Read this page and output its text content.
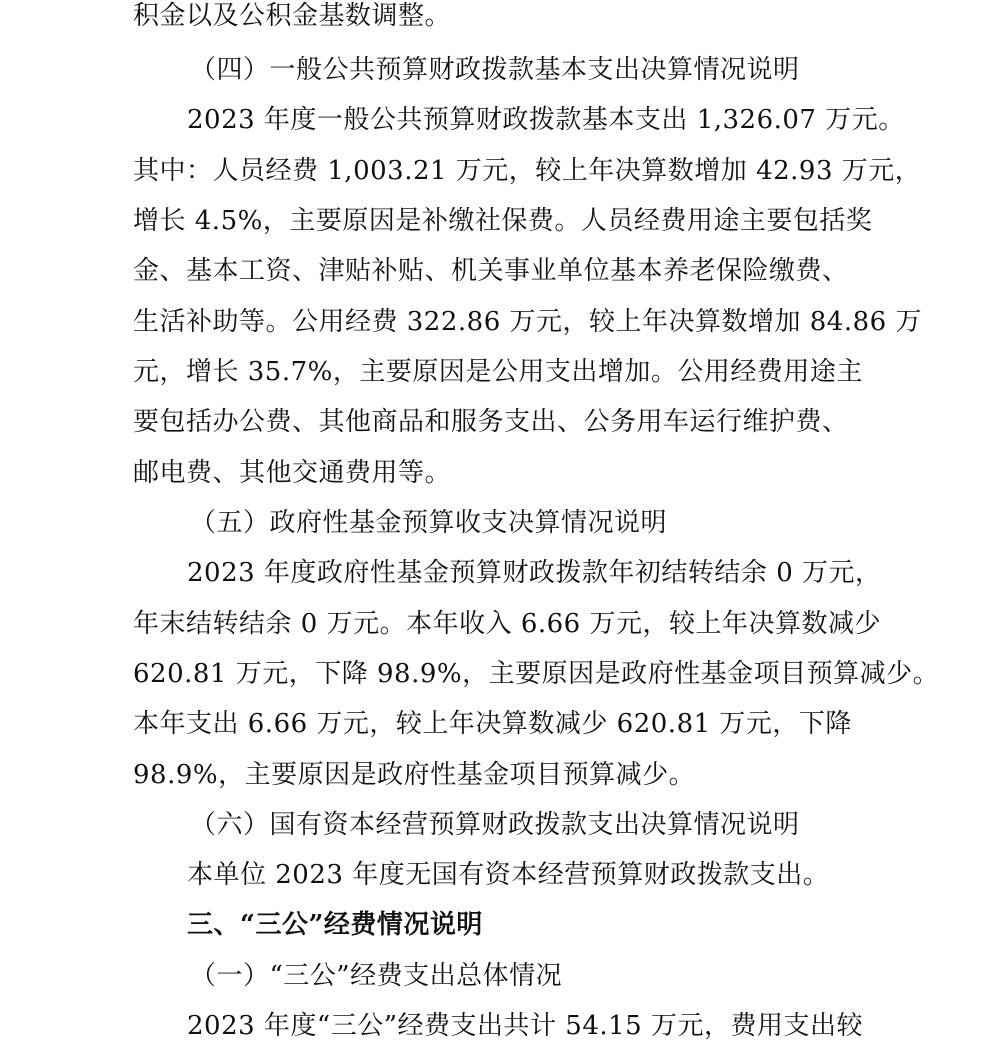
积金以及公积金基数调整。
（四）一般公共预算财政拨款基本支出决算情况说明
2023 年度一般公共预算财政拨款基本支出 1,326.07 万元。
其中：人员经费 1,003.21 万元，较上年决算数增加 42.93 万元，
增长 4.5%，主要原因是补缴社保费。人员经费用途主要包括奖
金、基本工资、津贴补贴、机关事业单位基本养老保险缴费、
生活补助等。公用经费 322.86 万元，较上年决算数增加 84.86 万
元，增长 35.7%，主要原因是公用支出增加。公用经费用途主
要包括办公费、其他商品和服务支出、公务用车运行维护费、
邮电费、其他交通费用等。
（五）政府性基金预算收支决算情况说明
2023 年度政府性基金预算财政拨款年初结转结余 0 万元，
年末结转结余 0 万元。本年收入 6.66 万元，较上年决算数减少
620.81 万元，下降 98.9%，主要原因是政府性基金项目预算减少。
本年支出 6.66 万元，较上年决算数减少 620.81 万元，下降
98.9%，主要原因是政府性基金项目预算减少。
（六）国有资本经营预算财政拨款支出决算情况说明
本单位 2023 年度无国有资本经营预算财政拨款支出。
三、“三公”经费情况说明
（一）“三公”经费支出总体情况
2023 年度“三公”经费支出共计 54.15 万元，费用支出较
